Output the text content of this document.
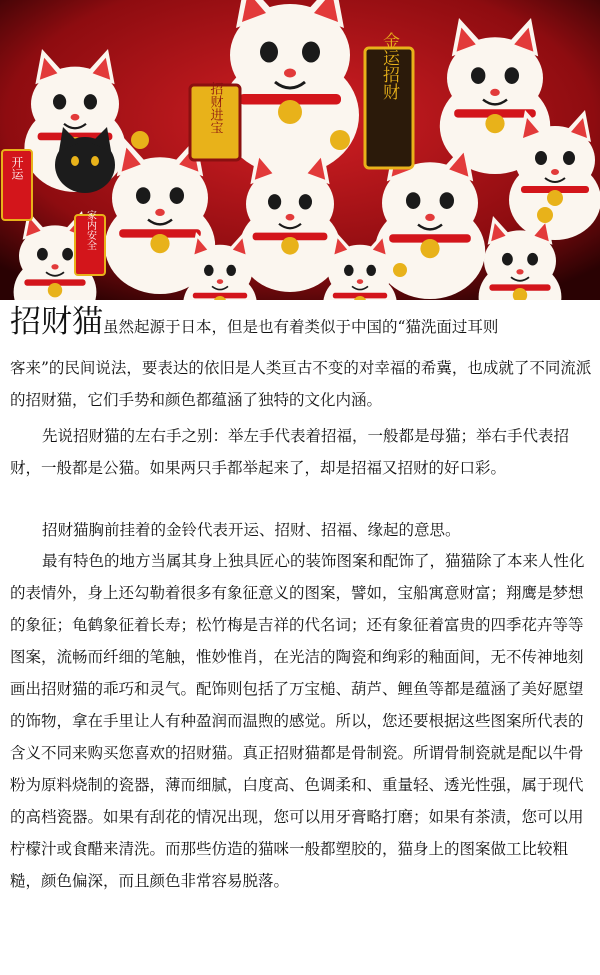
招财进宝
金运招财
开运
家内安全
招财猫虽然起源于日本，但是也有着类似于中国的“猫洗面过耳则

客来”的民间说法，要表达的依旧是人类亘古不变的对幸福的希冀，也成就了不同流派的招财猫，它们手势和颜色都蕴涵了独特的文化内涵。

先说招财猫的左右手之别：举左手代表着招福，一般都是母猫；举右手代表招财，一般都是公猫。如果两只手都举起来了，却是招福又招财的好口彩。

招财猫胸前挂着的金铃代表开运、招财、招福、缘起的意思。

最有特色的地方当属其身上独具匠心的装饰图案和配饰了，猫猫除了本来人性化的表情外，身上还勾勒着很多有象征意义的图案，譬如，宝船寓意财富；翔鹰是梦想的象征；龟鹤象征着长寿；松竹梅是吉祥的代名词；还有象征着富贵的四季花卉等等图案，流畅而纤细的笔触，惟妙惟肖，在光洁的陶瓷和绚彩的釉面间，无不传神地刻画出招财猫的乖巧和灵气。配饰则包括了万宝槌、葫芦、鲤鱼等都是蕴涵了美好愿望的饰物，拿在手里让人有种盈润而温煦的感觉。所以，您还要根据这些图案所代表的含义不同来购买您喜欢的招财猫。真正招财猫都是骨制瓷。所谓骨制瓷就是配以牛骨粉为原料烧制的瓷器，薄而细腻，白度高、色调柔和、重量轻、透光性强，属于现代的高档瓷器。如果有刮花的情况出现，您可以用牙膏略打磨；如果有茶渍，您可以用柠檬汁或食醋来清洗。而那些仿造的猫咪一般都塑胶的，猫身上的图案做工比较粗糙，颜色偏深，而且颜色非常容易脱落。
